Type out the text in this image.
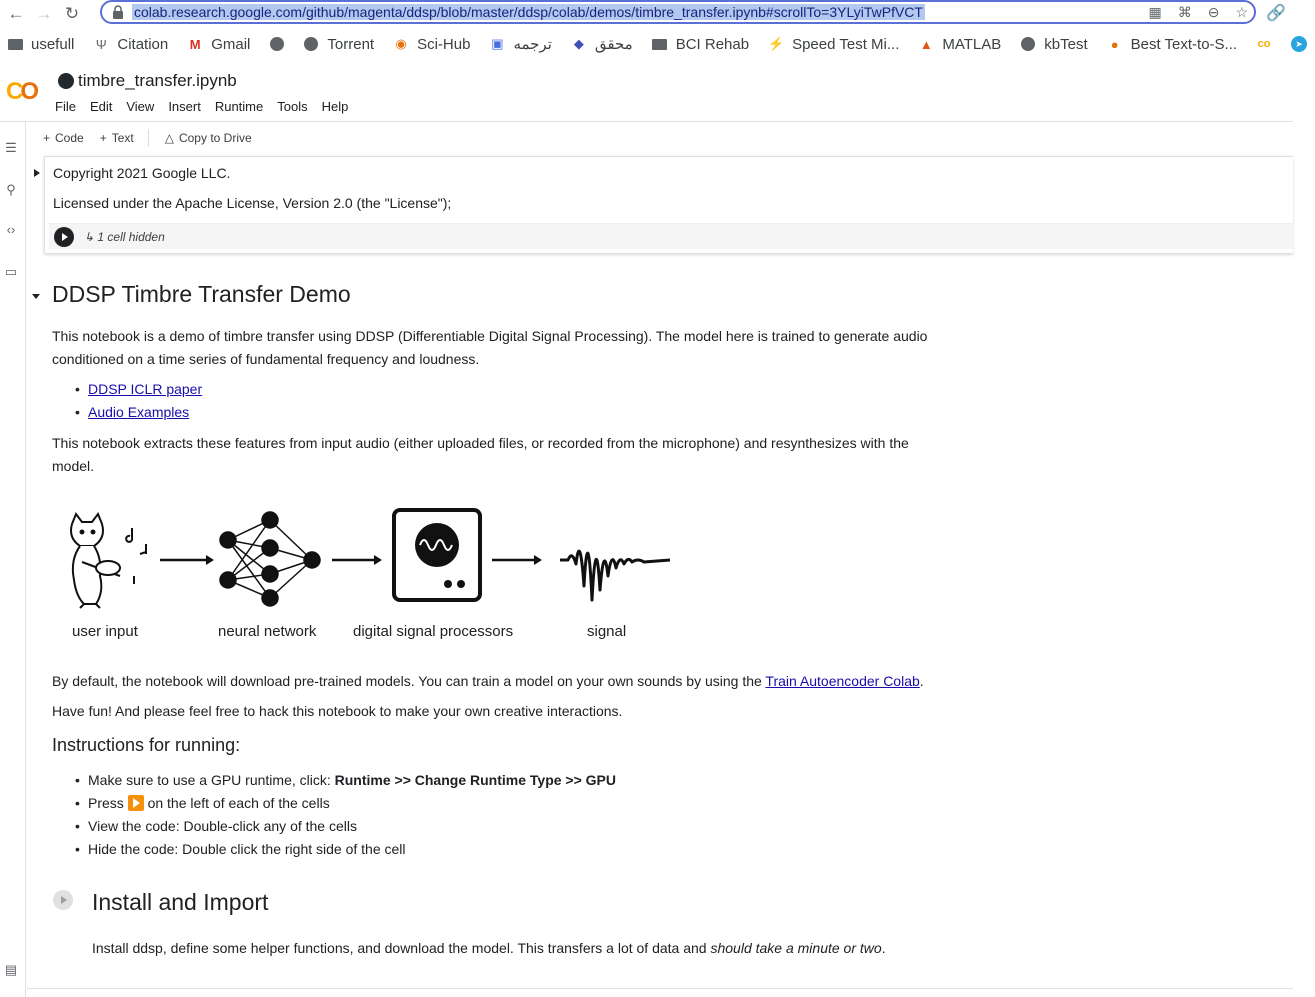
← → ↻	colab.research.google.com/github/magenta/ddsp/blob/master/ddsp/colab/demos/timbre_transfer.ipynb#scrollTo=3YLyiTwPfVCT	▦ ⌘ ⊖ ☆ 🔗
usefull Ψ Citation M Gmail	Torrent ◉ Sci-Hub ▣ ترجمه ◆ محقق	BCI Rehab ⚡ Speed Test Mi... ▲ MATLAB	kbTest	● Best Text-to-S... co	➤
CO timbre_transfer.ipynb
File Edit View Insert Runtime Tools Help
☰
⚲
‹›
▭
▤
+ Code + Text	△ Copy to Drive
Copyright 2021 Google LLC.
Licensed under the Apache License, Version 2.0 (the "License");
↳ 1 cell hidden
DDSP Timbre Transfer Demo
This notebook is a demo of timbre transfer using DDSP (Differentiable Digital Signal Processing). The model here is trained to generate audio conditioned on a time series of fundamental frequency and loudness.
• DDSP ICLR paper
• Audio Examples
This notebook extracts these features from input audio (either uploaded files, or recorded from the microphone) and resynthesizes with the model.
user input	neural network digital signal processors	signal
By default, the notebook will download pre-trained models. You can train a model on your own sounds by using the Train Autoencoder Colab.
Have fun! And please feel free to hack this notebook to make your own creative interactions.
Instructions for running:
• Make sure to use a GPU runtime, click: Runtime >> Change Runtime Type >> GPU
• Press
on the left of each of the cells
• View the code: Double-click any of the cells
• Hide the code: Double click the right side of the cell
Install and Import
Install ddsp, define some helper functions, and download the model. This transfers a lot of data and should take a minute or two.
